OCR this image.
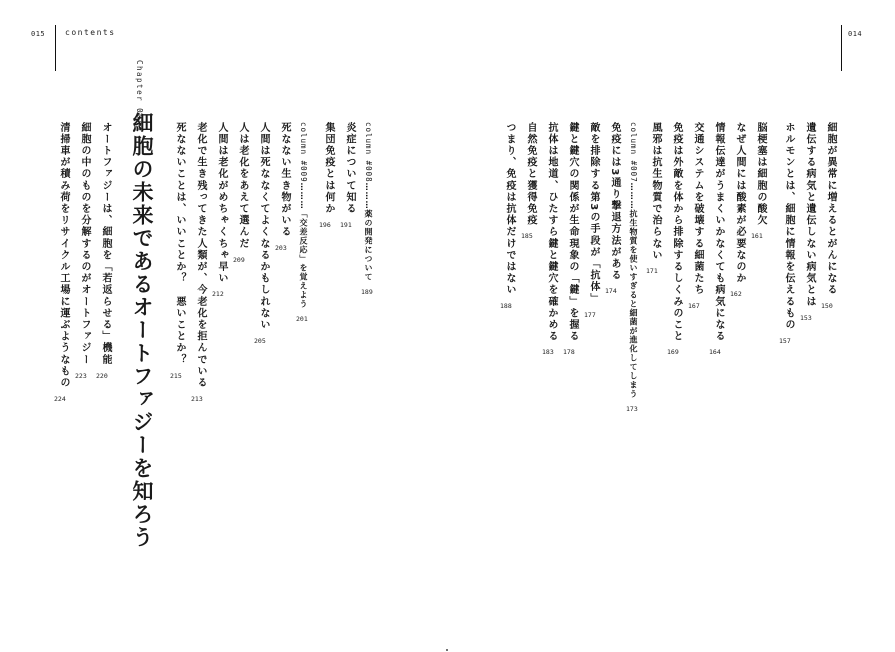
015 contents	014
細胞が異常に増えるとがんになる
150
遺伝する病気と遺伝しない病気とは
153
ホルモンとは、細胞に情報を伝えるもの
157
脳梗塞は細胞の酸欠
161
なぜ人間には酸素が必要なのか
162
情報伝達がうまくいかなくても病気になる
164
交通システムを破壊する細菌たち
167
免疫は外敵を体から排除するしくみのこと
169
風邪は抗生物質で治らない
171
column #007………抗生物質を使いすぎると細菌が進化してしまう
173
免疫には3通り撃退方法がある
174
敵を排除する第3の手段が「抗体」
177
鍵と鍵穴の関係が生命現象の「鍵」を握る
178
抗体は地道、ひたすら鍵と鍵穴を確かめる
183
自然免疫と獲得免疫
185
つまり、免疫は抗体だけではない
188
Chapter 004
細胞の未来であるオートファジーを知ろう	column #008………薬の開発について
189
炎症について知る
191
集団免疫とは何か
196
column #009………「交差反応」を覚えよう
201
死なない生き物がいる
203
人間は死ななくてよくなるかもしれない
205
人は老化をあえて選んだ
209
人間は老化がめちゃくちゃ早い
212
老化で生き残ってきた人類が、今老化を拒んでいる
213
死なないことは、いいことか？　悪いことか？
215
オートファジーは、細胞を「若返らせる」機能
220
細胞の中のものを分解するのがオートファジー
223
清掃車が積み荷をリサイクル工場に運ぶようなもの
224
